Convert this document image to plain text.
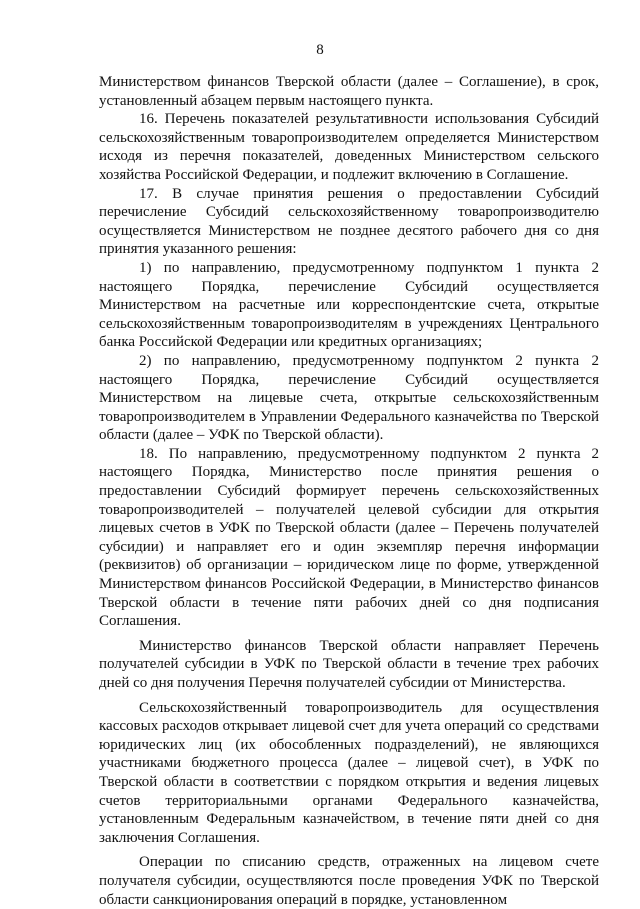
8

Министерством финансов Тверской области (далее – Соглашение), в срок, установленный абзацем первым настоящего пункта.

16. Перечень показателей результативности использования Субсидий сельскохозяйственным товаропроизводителем определяется Министерством исходя из перечня показателей, доведенных Министерством сельского хозяйства Российской Федерации, и подлежит включению в Соглашение.

17. В случае принятия решения о предоставлении Субсидий перечисление Субсидий сельскохозяйственному товаропроизводителю осуществляется Министерством не позднее десятого рабочего дня со дня принятия указанного решения:

1) по направлению, предусмотренному подпунктом 1 пункта 2 настоящего Порядка, перечисление Субсидий осуществляется Министерством на расчетные или корреспондентские счета, открытые сельскохозяйственным товаропроизводителям в учреждениях Центрального банка Российской Федерации или кредитных организациях;

2) по направлению, предусмотренному подпунктом 2 пункта 2 настоящего Порядка, перечисление Субсидий осуществляется Министерством на лицевые счета, открытые сельскохозяйственным товаропроизводителем в Управлении Федерального казначейства по Тверской области (далее – УФК по Тверской области).

18. По направлению, предусмотренному подпунктом 2 пункта 2 настоящего Порядка, Министерство после принятия решения о предоставлении Субсидий формирует перечень сельскохозяйственных товаропроизводителей – получателей целевой субсидии для открытия лицевых счетов в УФК по Тверской области (далее – Перечень получателей субсидии) и направляет его и один экземпляр перечня информации (реквизитов) об организации – юридическом лице по форме, утвержденной Министерством финансов Российской Федерации, в Министерство финансов Тверской области в течение пяти рабочих дней со дня подписания Соглашения.

Министерство финансов Тверской области направляет Перечень получателей субсидии в УФК по Тверской области в течение трех рабочих дней со дня получения Перечня получателей субсидии от Министерства.

Сельскохозяйственный товаропроизводитель для осуществления кассовых расходов открывает лицевой счет для учета операций со средствами юридических лиц (их обособленных подразделений), не являющихся участниками бюджетного процесса (далее – лицевой счет), в УФК по Тверской области в соответствии с порядком открытия и ведения лицевых счетов территориальными органами Федерального казначейства, установленным Федеральным казначейством, в течение пяти дней со дня заключения Соглашения.

Операции по списанию средств, отраженных на лицевом счете получателя субсидии, осуществляются после проведения УФК по Тверской области санкционирования операций в порядке, установленном
